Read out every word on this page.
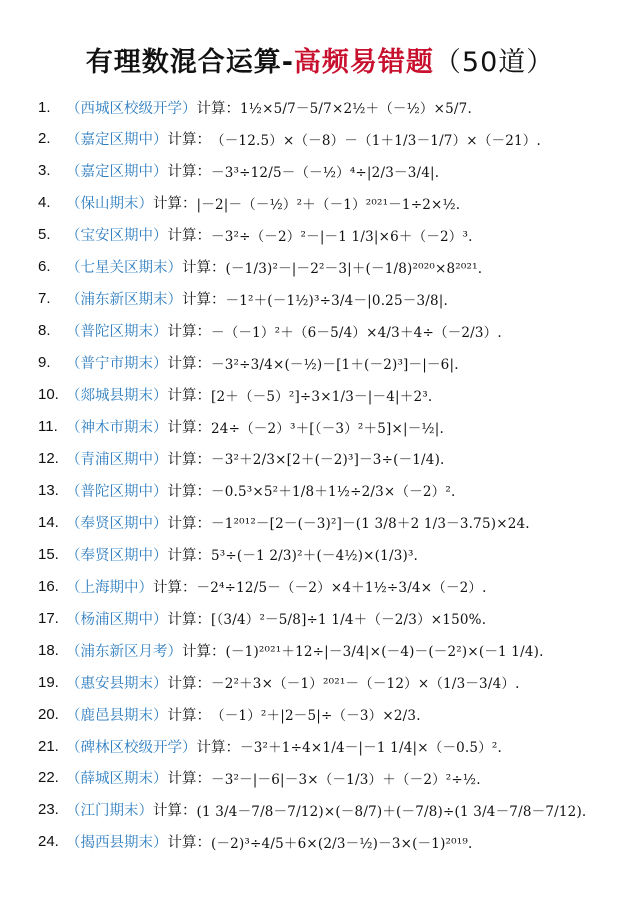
有理数混合运算-高频易错题（50道）
1.	（ 西城区校级开学 ） 计算： 1½×5/7－5/7×2½＋（－½）×5/7.
2.	（ 嘉定区期中 ） 计算： （－12.5）×（－8）－（1＋1/3－1/7）×（－21）.
3.	（ 嘉定区期中 ） 计算： －3³÷12/5－（－½）⁴÷|2/3－3/4|.
4.	（ 保山期末 ） 计算： |－2|－（－½）²＋（－1）²⁰²¹－1÷2×½.
5.	（ 宝安区期中 ） 计算： －3²÷（－2）²－|－1 1/3|×6＋（－2）³.
6.	（ 七星关区期末 ） 计算： (－1/3)²－|－2²－3|＋(－1/8)²⁰²⁰×8²⁰²¹.
7.	（ 浦东新区期末 ） 计算： －1²＋(－1½)³÷3/4－|0.25－3/8|.
8.	（ 普陀区期末 ） 计算： －（－1）²＋（6－5/4）×4/3＋4÷（－2/3）.
9.	（ 普宁市期末 ） 计算： －3²÷3/4×(－½)－[1＋(－2)³]－|－6|.
10. （ 郯城县期末 ） 计算： [2＋（－5）²]÷3×1/3－|－4|＋2³.
11. （ 神木市期末 ） 计算： 24÷（－2）³＋[（－3）²＋5]×|－½|.
12. （ 青浦区期中 ） 计算： －3²＋2/3×[2＋(－2)³]－3÷(－1/4).
13. （ 普陀区期中 ） 计算： －0.5³×5²＋1/8＋1½÷2/3×（－2）².
14. （ 奉贤区期中 ） 计算： －1²⁰¹²－[2－(－3)²]－(1 3/8＋2 1/3－3.75)×24.
15. （ 奉贤区期中 ） 计算： 5³÷(－1 2/3)²＋(－4½)×(1/3)³.
16. （ 上海期中 ） 计算： －2⁴÷12/5－（－2）×4＋1½÷3/4×（－2）.
17. （ 杨浦区期中 ） 计算： [（3/4）²－5/8]÷1 1/4＋（－2/3）×150%.
18. （ 浦东新区月考 ） 计算： (－1)²⁰²¹＋12÷|－3/4|×(－4)－(－2²)×(－1 1/4).
19. （ 惠安县期末 ） 计算： －2²＋3×（－1）²⁰²¹－（－12）×（1/3－3/4）.
20. （ 鹿邑县期末 ） 计算： （－1）²＋|2－5|÷（－3）×2/3.
21. （ 碑林区校级开学 ） 计算： －3²＋1÷4×1/4－|－1 1/4|×（－0.5）².
22. （ 薛城区期末 ） 计算： －3²－|－6|－3×（－1/3）＋（－2）²÷½.
23. （ 江门期末 ） 计算： (1 3/4－7/8－7/12)×(－8/7)＋(－7/8)÷(1 3/4－7/8－7/12).
24. （ 揭西县期末 ） 计算： (－2)³÷4/5＋6×(2/3－½)－3×(－1)²⁰¹⁹.
